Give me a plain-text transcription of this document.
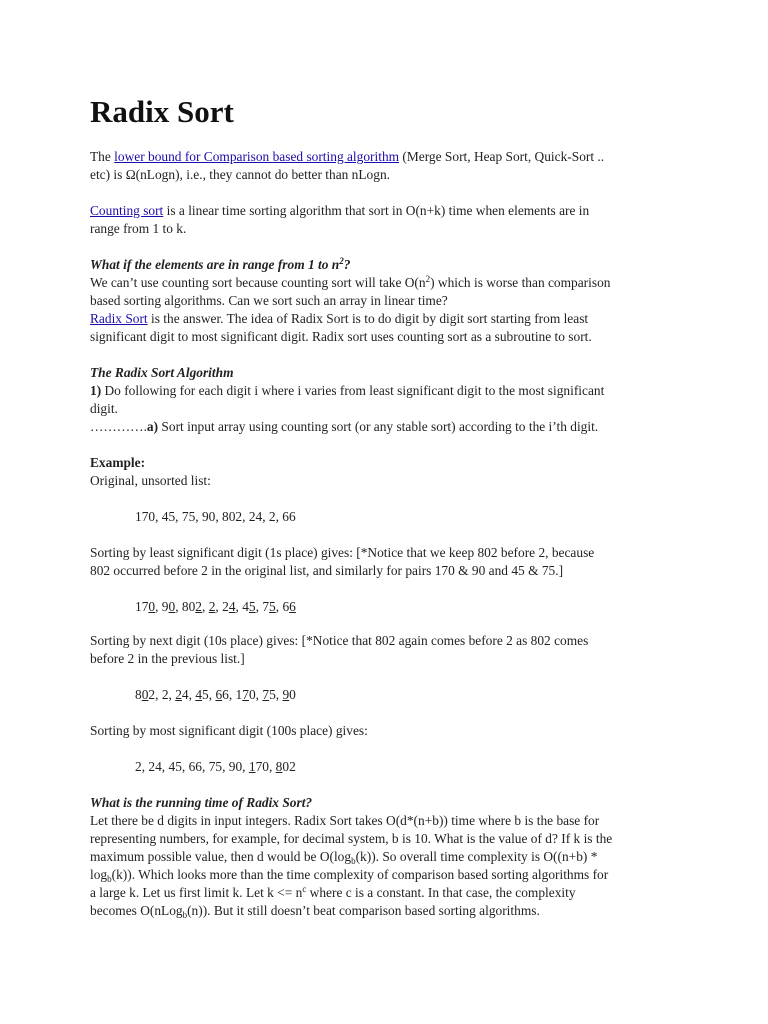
Radix Sort
The lower bound for Comparison based sorting algorithm (Merge Sort, Heap Sort, Quick-Sort ..
etc) is Ω(nLogn), i.e., they cannot do better than nLogn.
Counting sort is a linear time sorting algorithm that sort in O(n+k) time when elements are in
range from 1 to k.
What if the elements are in range from 1 to $n^2$?
We can’t use counting sort because counting sort will take $O(n^2)$ which is worse than comparison
based sorting algorithms. Can we sort such an array in linear time?
Radix Sort is the answer. The idea of Radix Sort is to do digit by digit sort starting from least
significant digit to most significant digit. Radix sort uses counting sort as a subroutine to sort.
The Radix Sort Algorithm
1) Do following for each digit i where i varies from least significant digit to the most significant
digit.
………….a) Sort input array using counting sort (or any stable sort) according to the i’th digit.
Example:
Original, unsorted list:
170, 45, 75, 90, 802, 24, 2, 66
Sorting by least significant digit (1s place) gives: [*Notice that we keep 802 before 2, because
802 occurred before 2 in the original list, and similarly for pairs 170 & 90 and 45 & 75.]
170, 90, 802, 2, 24, 45, 75, 66
Sorting by next digit (10s place) gives: [*Notice that 802 again comes before 2 as 802 comes
before 2 in the previous list.]
802, 2, 24, 45, 66, 170, 75, 90
Sorting by most significant digit (100s place) gives:
2, 24, 45, 66, 75, 90, 170, 802
What is the running time of Radix Sort?
Let there be d digits in input integers. Radix Sort takes O(d*(n+b)) time where b is the base for
representing numbers, for example, for decimal system, b is 10. What is the value of d? If k is the
maximum possible value, then d would be $O(\log_b(k))$. So overall time complexity is O((n+b) *
$\log_b(k)$). Which looks more than the time complexity of comparison based sorting algorithms for
a large k. Let us first limit k. Let $k <= n^c$ where c is a constant. In that case, the complexity
becomes O(nLog$_b$(n)). But it still doesn’t beat comparison based sorting algorithms.
